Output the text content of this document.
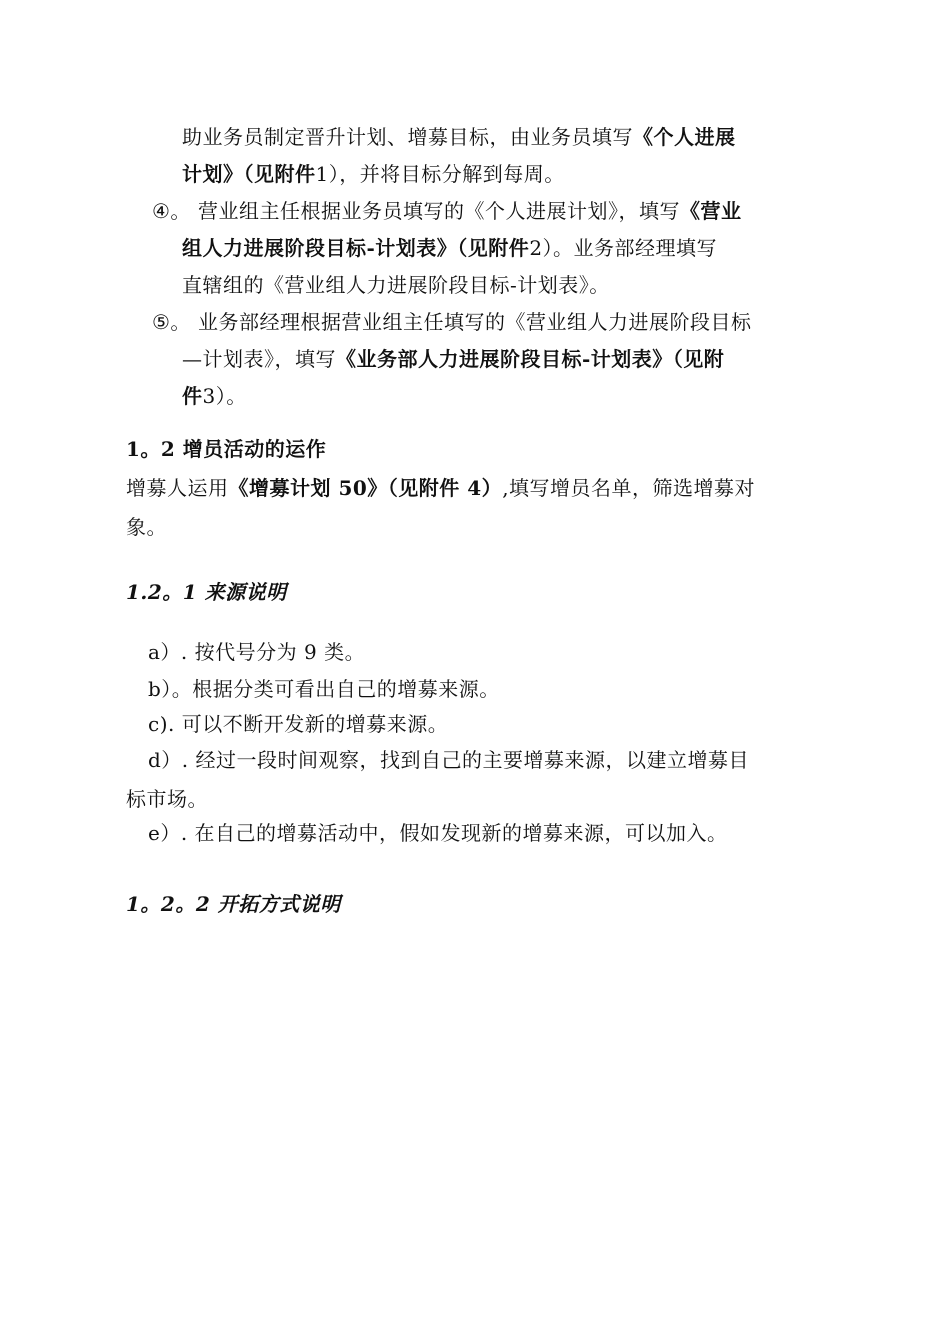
助业务员制定晋升计划、增募目标，由业务员填写《个人进展
计划》（见附件1），并将目标分解到每周。
④。 营业组主任根据业务员填写的《个人进展计划》，填写《营业
组人力进展阶段目标-计划表》（见附件2）。业务部经理填写
直辖组的《营业组人力进展阶段目标-计划表》。
⑤。 业务部经理根据营业组主任填写的《营业组人力进展阶段目标
—计划表》，填写《业务部人力进展阶段目标-计划表》（见附
件3）。
1。2 增员活动的运作
增募人运用《增募计划 50》（见附件 4）,填写增员名单，筛选增募对
象。
1.2。1 来源说明
a）. 按代号分为 9 类。
b）。根据分类可看出自己的增募来源。
c). 可以不断开发新的增募来源。
d）. 经过一段时间观察，找到自己的主要增募来源，以建立增募目
标市场。
e）. 在自己的增募活动中，假如发现新的增募来源，可以加入。
1。2。2 开拓方式说明
